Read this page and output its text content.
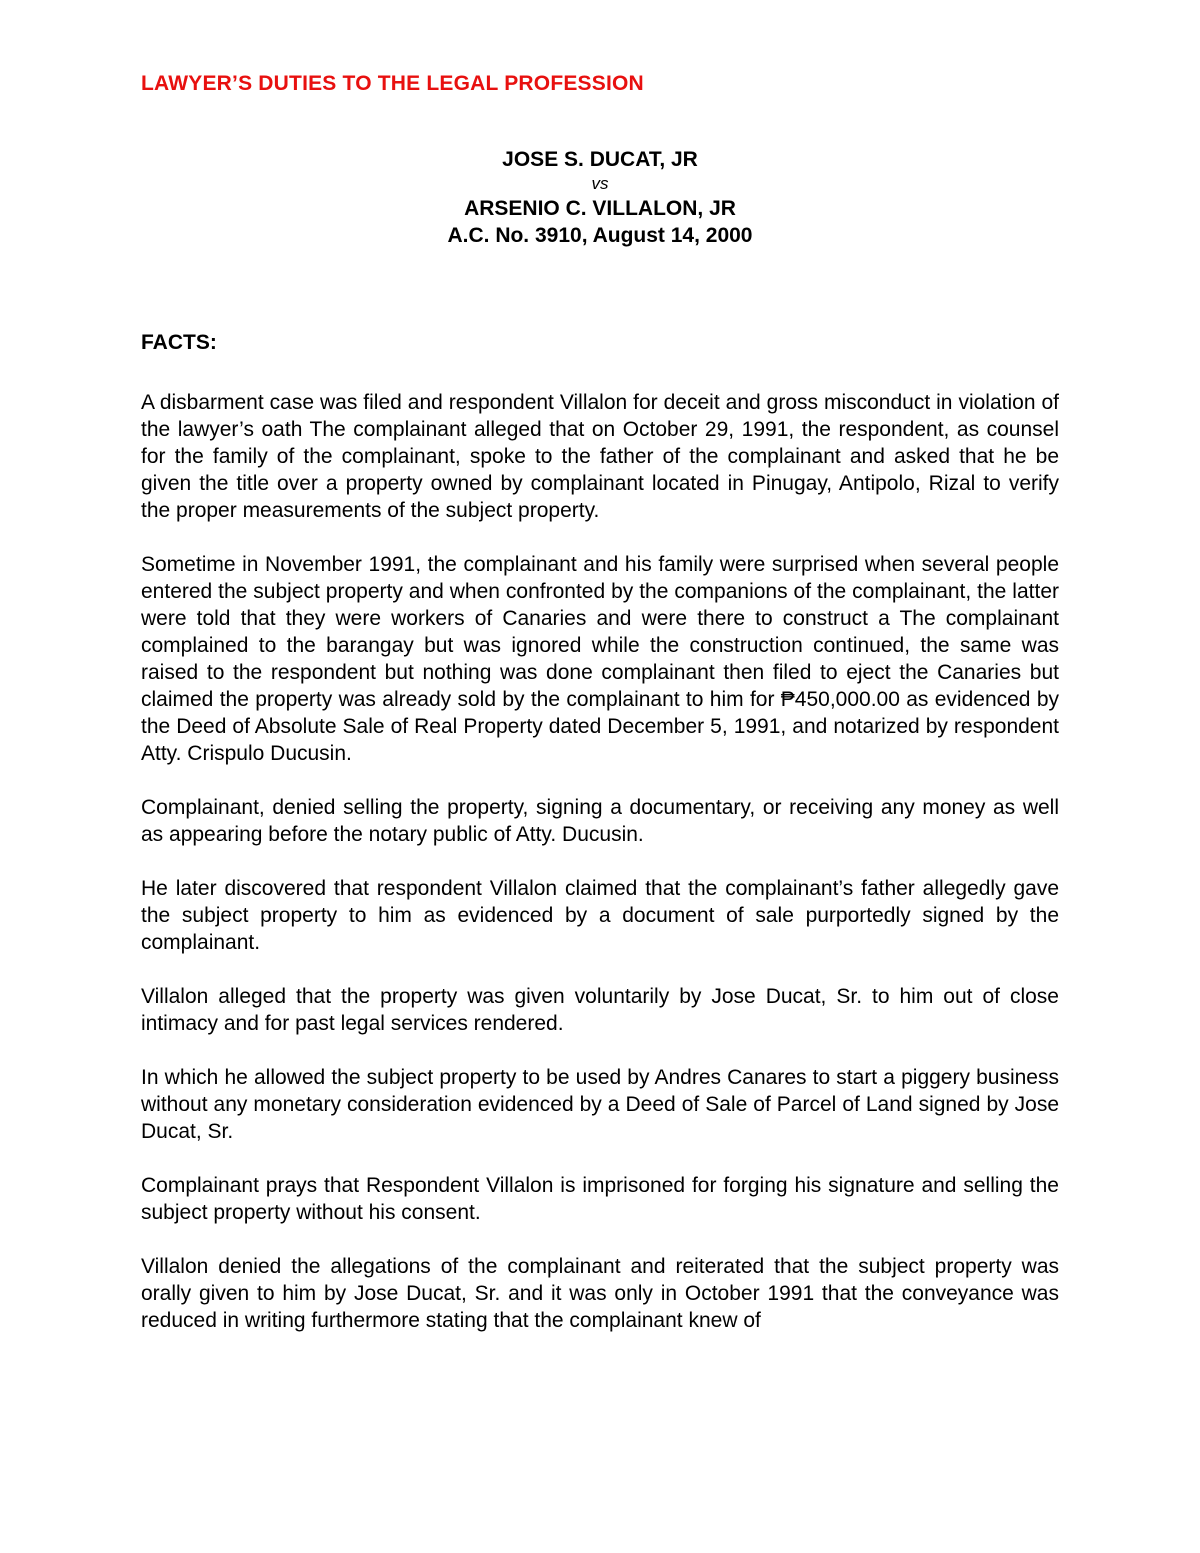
LAWYER’S DUTIES TO THE LEGAL PROFESSION
JOSE S. DUCAT, JR
vs
ARSENIO C. VILLALON, JR
A.C. No. 3910, August 14, 2000
FACTS:

A disbarment case was filed and respondent Villalon for deceit and gross misconduct in violation of the lawyer’s oath The complainant alleged that on October 29, 1991, the respondent, as counsel for the family of the complainant, spoke to the father of the complainant and asked that he be given the title over a property owned by complainant located in Pinugay, Antipolo, Rizal to verify the proper measurements of the subject property.

Sometime in November 1991, the complainant and his family were surprised when several people entered the subject property and when confronted by the companions of the complainant, the latter were told that they were workers of Canaries and were there to construct a The complainant complained to the barangay but was ignored while the construction continued, the same was raised to the respondent but nothing was done complainant then filed to eject the Canaries but claimed the property was already sold by the complainant to him for ₱450,000.00 as evidenced by the Deed of Absolute Sale of Real Property dated December 5, 1991, and notarized by respondent Atty. Crispulo Ducusin.

Complainant, denied selling the property, signing a documentary, or receiving any money as well as appearing before the notary public of Atty. Ducusin.

He later discovered that respondent Villalon claimed that the complainant’s father allegedly gave the subject property to him as evidenced by a document of sale purportedly signed by the complainant.

Villalon alleged that the property was given voluntarily by Jose Ducat, Sr. to him out of close intimacy and for past legal services rendered.

In which he allowed the subject property to be used by Andres Canares to start a piggery business without any monetary consideration evidenced by a Deed of Sale of Parcel of Land signed by Jose Ducat, Sr.

Complainant prays that Respondent Villalon is imprisoned for forging his signature and selling the subject property without his consent.

Villalon denied the allegations of the complainant and reiterated that the subject property was orally given to him by Jose Ducat, Sr. and it was only in October 1991 that the conveyance was reduced in writing furthermore stating that the complainant knew of
